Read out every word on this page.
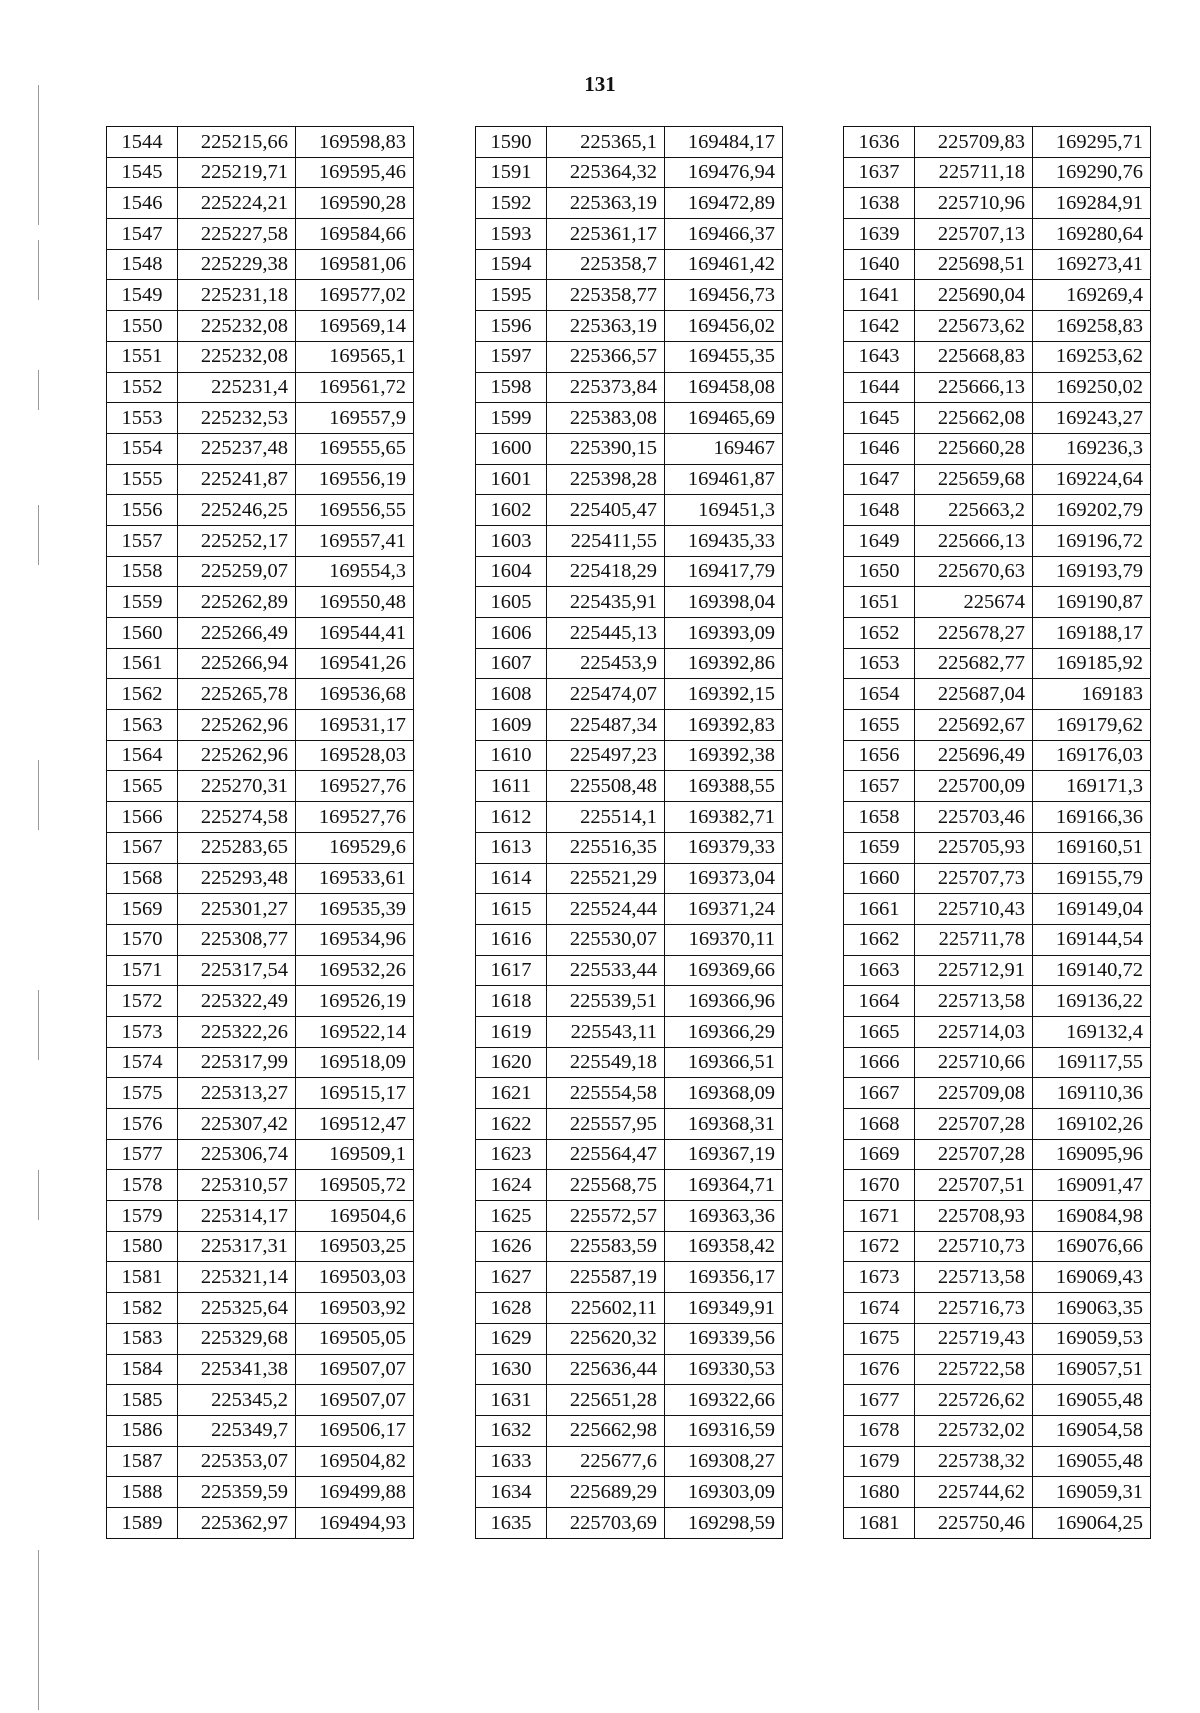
131
1544	225215,66	169598,83
1545	225219,71	169595,46
1546	225224,21	169590,28
1547	225227,58	169584,66
1548	225229,38	169581,06
1549	225231,18	169577,02
1550	225232,08	169569,14
1551	225232,08	169565,1
1552	225231,4	169561,72
1553	225232,53	169557,9
1554	225237,48	169555,65
1555	225241,87	169556,19
1556	225246,25	169556,55
1557	225252,17	169557,41
1558	225259,07	169554,3
1559	225262,89	169550,48
1560	225266,49	169544,41
1561	225266,94	169541,26
1562	225265,78	169536,68
1563	225262,96	169531,17
1564	225262,96	169528,03
1565	225270,31	169527,76
1566	225274,58	169527,76
1567	225283,65	169529,6
1568	225293,48	169533,61
1569	225301,27	169535,39
1570	225308,77	169534,96
1571	225317,54	169532,26
1572	225322,49	169526,19
1573	225322,26	169522,14
1574	225317,99	169518,09
1575	225313,27	169515,17
1576	225307,42	169512,47
1577	225306,74	169509,1
1578	225310,57	169505,72
1579	225314,17	169504,6
1580	225317,31	169503,25
1581	225321,14	169503,03
1582	225325,64	169503,92
1583	225329,68	169505,05
1584	225341,38	169507,07
1585	225345,2	169507,07
1586	225349,7	169506,17
1587	225353,07	169504,82
1588	225359,59	169499,88
1589	225362,97	169494,93
1590	225365,1	169484,17
1591	225364,32	169476,94
1592	225363,19	169472,89
1593	225361,17	169466,37
1594	225358,7	169461,42
1595	225358,77	169456,73
1596	225363,19	169456,02
1597	225366,57	169455,35
1598	225373,84	169458,08
1599	225383,08	169465,69
1600	225390,15	169467
1601	225398,28	169461,87
1602	225405,47	169451,3
1603	225411,55	169435,33
1604	225418,29	169417,79
1605	225435,91	169398,04
1606	225445,13	169393,09
1607	225453,9	169392,86
1608	225474,07	169392,15
1609	225487,34	169392,83
1610	225497,23	169392,38
1611	225508,48	169388,55
1612	225514,1	169382,71
1613	225516,35	169379,33
1614	225521,29	169373,04
1615	225524,44	169371,24
1616	225530,07	169370,11
1617	225533,44	169369,66
1618	225539,51	169366,96
1619	225543,11	169366,29
1620	225549,18	169366,51
1621	225554,58	169368,09
1622	225557,95	169368,31
1623	225564,47	169367,19
1624	225568,75	169364,71
1625	225572,57	169363,36
1626	225583,59	169358,42
1627	225587,19	169356,17
1628	225602,11	169349,91
1629	225620,32	169339,56
1630	225636,44	169330,53
1631	225651,28	169322,66
1632	225662,98	169316,59
1633	225677,6	169308,27
1634	225689,29	169303,09
1635	225703,69	169298,59
1636	225709,83	169295,71
1637	225711,18	169290,76
1638	225710,96	169284,91
1639	225707,13	169280,64
1640	225698,51	169273,41
1641	225690,04	169269,4
1642	225673,62	169258,83
1643	225668,83	169253,62
1644	225666,13	169250,02
1645	225662,08	169243,27
1646	225660,28	169236,3
1647	225659,68	169224,64
1648	225663,2	169202,79
1649	225666,13	169196,72
1650	225670,63	169193,79
1651	225674	169190,87
1652	225678,27	169188,17
1653	225682,77	169185,92
1654	225687,04	169183
1655	225692,67	169179,62
1656	225696,49	169176,03
1657	225700,09	169171,3
1658	225703,46	169166,36
1659	225705,93	169160,51
1660	225707,73	169155,79
1661	225710,43	169149,04
1662	225711,78	169144,54
1663	225712,91	169140,72
1664	225713,58	169136,22
1665	225714,03	169132,4
1666	225710,66	169117,55
1667	225709,08	169110,36
1668	225707,28	169102,26
1669	225707,28	169095,96
1670	225707,51	169091,47
1671	225708,93	169084,98
1672	225710,73	169076,66
1673	225713,58	169069,43
1674	225716,73	169063,35
1675	225719,43	169059,53
1676	225722,58	169057,51
1677	225726,62	169055,48
1678	225732,02	169054,58
1679	225738,32	169055,48
1680	225744,62	169059,31
1681	225750,46	169064,25
